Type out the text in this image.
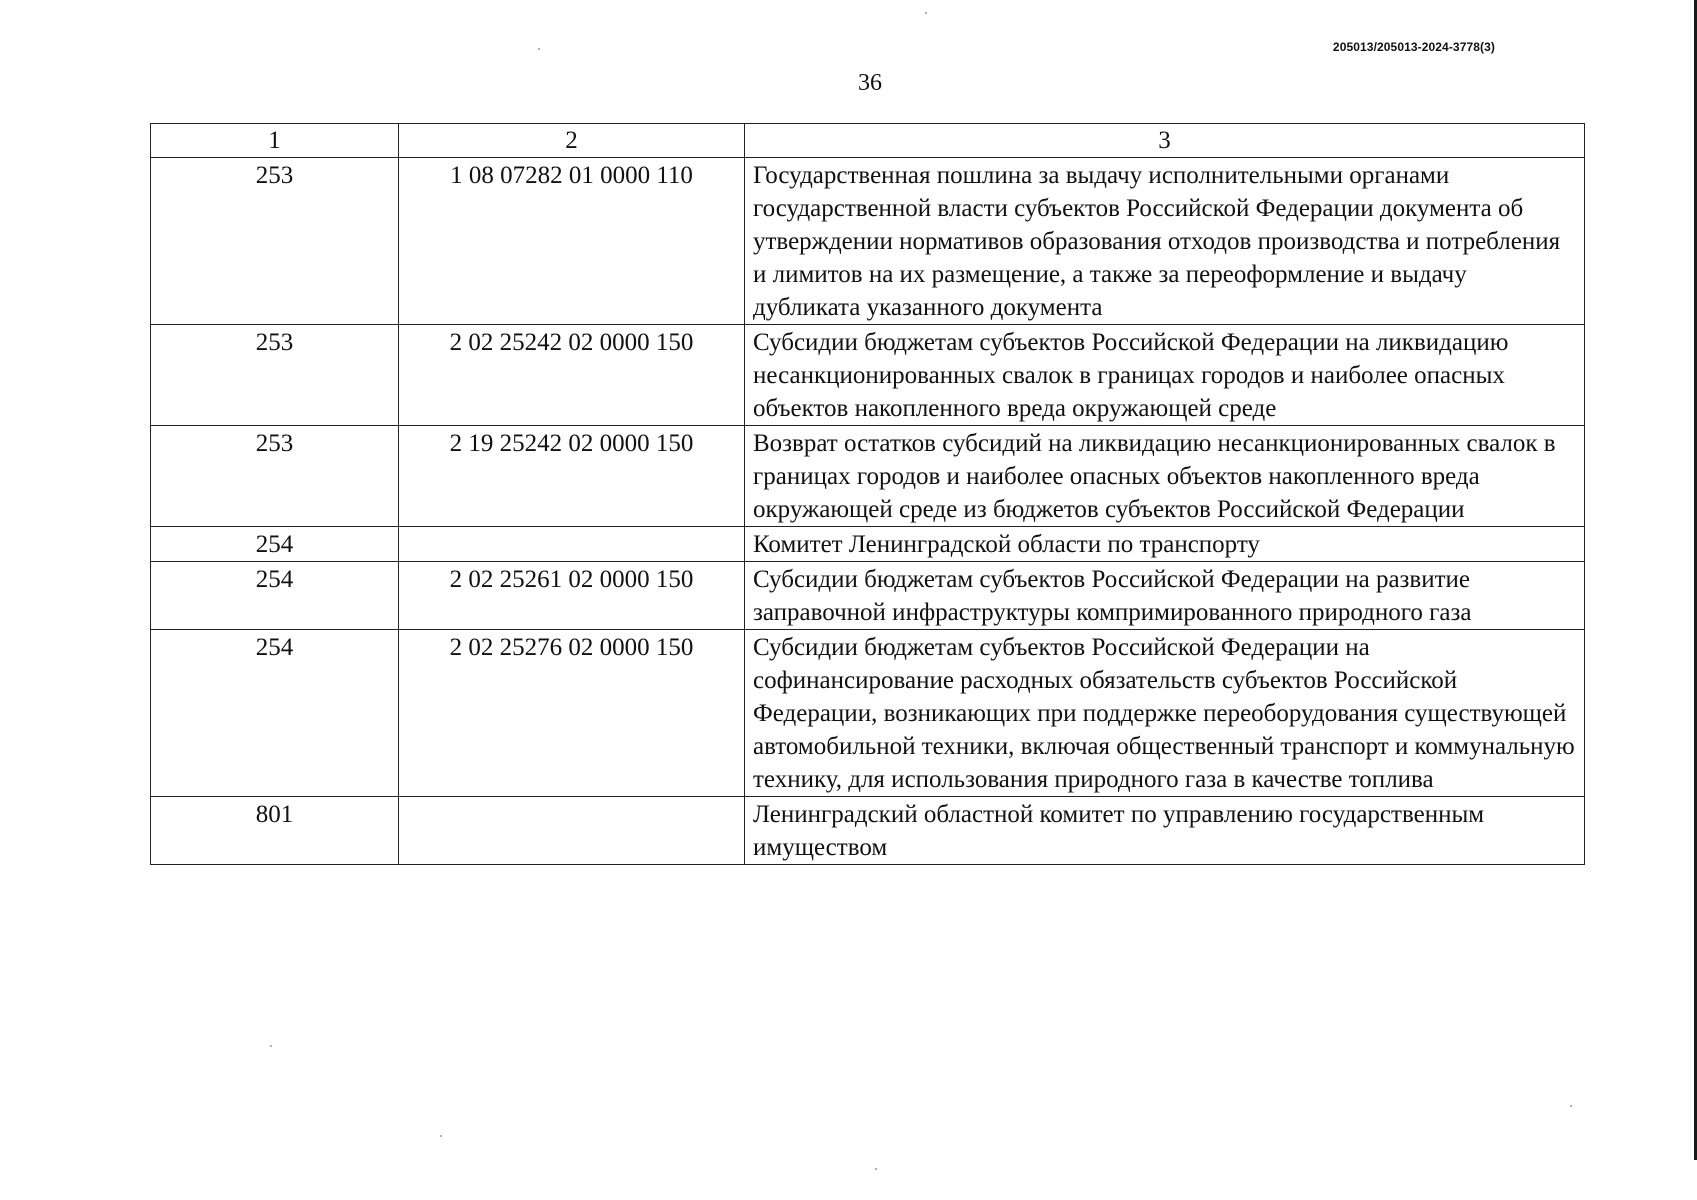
205013/205013-2024-3778(3)
36
1	2	3
253	1 08 07282 01 0000 110	Государственная пошлина за выдачу исполнительными органами государственной власти субъектов Российской Федерации документа об утверждении нормативов образования отходов производства и потребления и лимитов на их размещение, а также за переоформление и выдачу дубликата указанного документа
253	2 02 25242 02 0000 150	Субсидии бюджетам субъектов Российской Федерации на ликвидацию несанкционированных свалок в границах городов и наиболее опасных объектов накопленного вреда окружающей среде
253	2 19 25242 02 0000 150	Возврат остатков субсидий на ликвидацию несанкционированных свалок в границах городов и наиболее опасных объектов накопленного вреда окружающей среде из бюджетов субъектов Российской Федерации
254		Комитет Ленинградской области по транспорту
254	2 02 25261 02 0000 150	Субсидии бюджетам субъектов Российской Федерации на развитие заправочной инфраструктуры компримированного природного газа
254	2 02 25276 02 0000 150	Субсидии бюджетам субъектов Российской Федерации на софинансирование расходных обязательств субъектов Российской Федерации, возникающих при поддержке переоборудования существующей автомобильной техники, включая общественный транспорт и коммунальную технику, для использования природного газа в качестве топлива
801		Ленинградский областной комитет по управлению государственным имуществом
